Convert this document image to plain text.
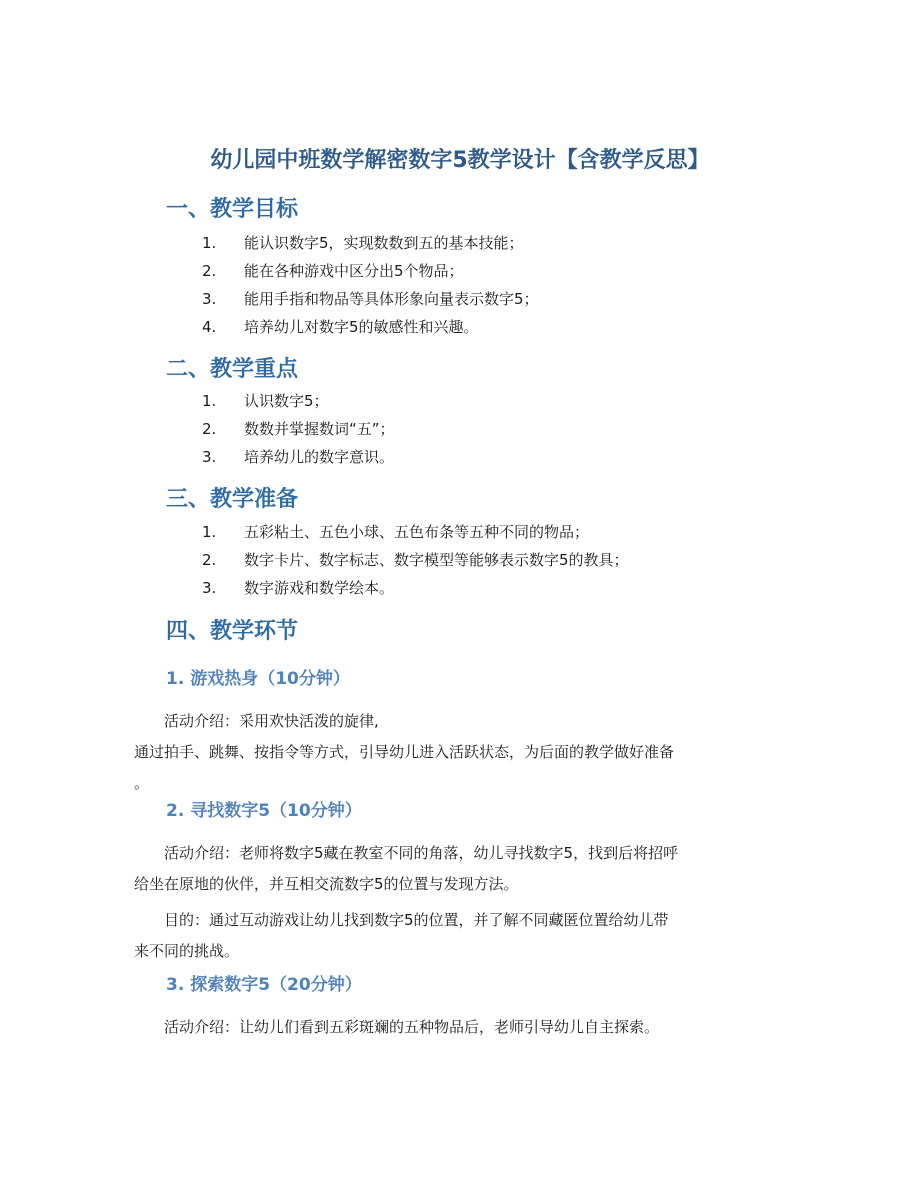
幼儿园中班数学解密数字5教学设计【含教学反思】
一、教学目标
1. 能认识数字5，实现数数到五的基本技能；
2. 能在各种游戏中区分出5个物品；
3. 能用手指和物品等具体形象向量表示数字5；
4. 培养幼儿对数字5的敏感性和兴趣。
二、教学重点
1. 认识数字5；
2. 数数并掌握数词“五”；
3. 培养幼儿的数字意识。
三、教学准备
1. 五彩粘土、五色小球、五色布条等五种不同的物品；
2. 数字卡片、数字标志、数字模型等能够表示数字5的教具；
3. 数字游戏和数学绘本。
四、教学环节
1. 游戏热身（10分钟）

活动介绍：采用欢快活泼的旋律,
通过拍手、跳舞、按指令等方式，引导幼儿进入活跃状态，为后面的教学做好准备
。

2. 寻找数字5（10分钟）

活动介绍：老师将数字5藏在教室不同的角落，幼儿寻找数字5，找到后将招呼
给坐在原地的伙伴，并互相交流数字5的位置与发现方法。

目的：通过互动游戏让幼儿找到数字5的位置，并了解不同藏匿位置给幼儿带
来不同的挑战。

3. 探索数字5（20分钟）

活动介绍：让幼儿们看到五彩斑斓的五种物品后，老师引导幼儿自主探索。
